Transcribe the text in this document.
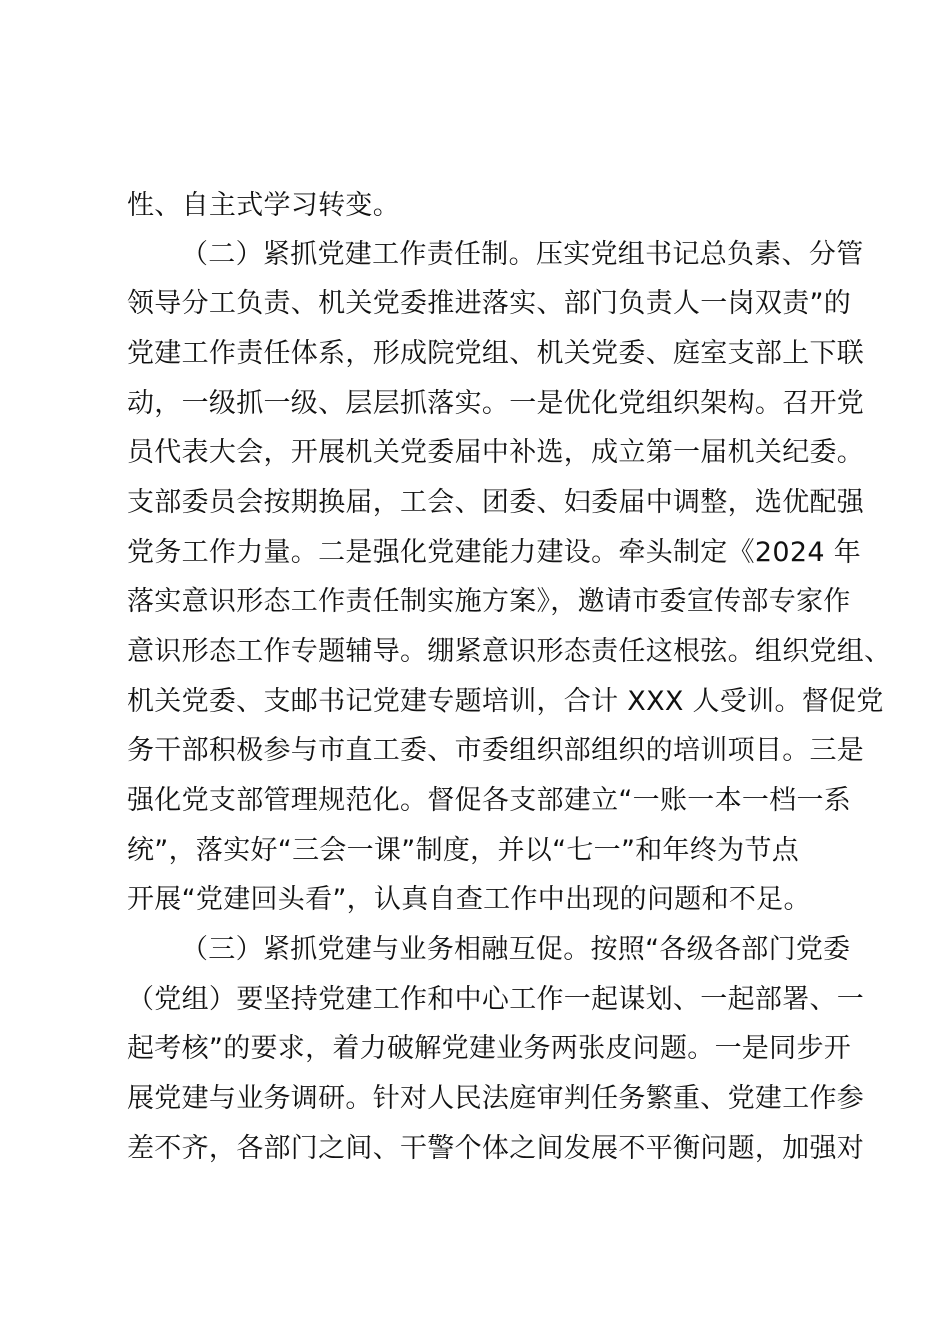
性、自主式学习转变。
（二）紧抓党建工作责任制。压实党组书记总负素、分管
领导分工负责、机关党委推进落实、部门负责人一岗双责”的
党建工作责任体系，形成院党组、机关党委、庭室支部上下联
动，一级抓一级、层层抓落实。一是优化党组织架构。召开党
员代表大会，开展机关党委届中补选，成立第一届机关纪委。
支部委员会按期换届，工会、团委、妇委届中调整，选优配强
党务工作力量。二是强化党建能力建设。牵头制定《2024 年
落实意识形态工作责任制实施方案》，邀请市委宣传部专家作
意识形态工作专题辅导。绷紧意识形态责任这根弦。组织党组、
机关党委、支邮书记党建专题培训，合计 XXX 人受训。督促党
务干部积极参与市直工委、市委组织部组织的培训项目。三是
强化党支部管理规范化。督促各支部建立“一账一本一档一系
统”，落实好“三会一课”制度，并以“七一”和年终为节点
开展“党建回头看”，认真自查工作中出现的问题和不足。
（三）紧抓党建与业务相融互促。按照“各级各部门党委
（党组）要坚持党建工作和中心工作一起谋划、一起部署、一
起考核”的要求，着力破解党建业务两张皮问题。一是同步开
展党建与业务调研。针对人民法庭审判任务繁重、党建工作参
差不齐，各部门之间、干警个体之间发展不平衡问题，加强对
